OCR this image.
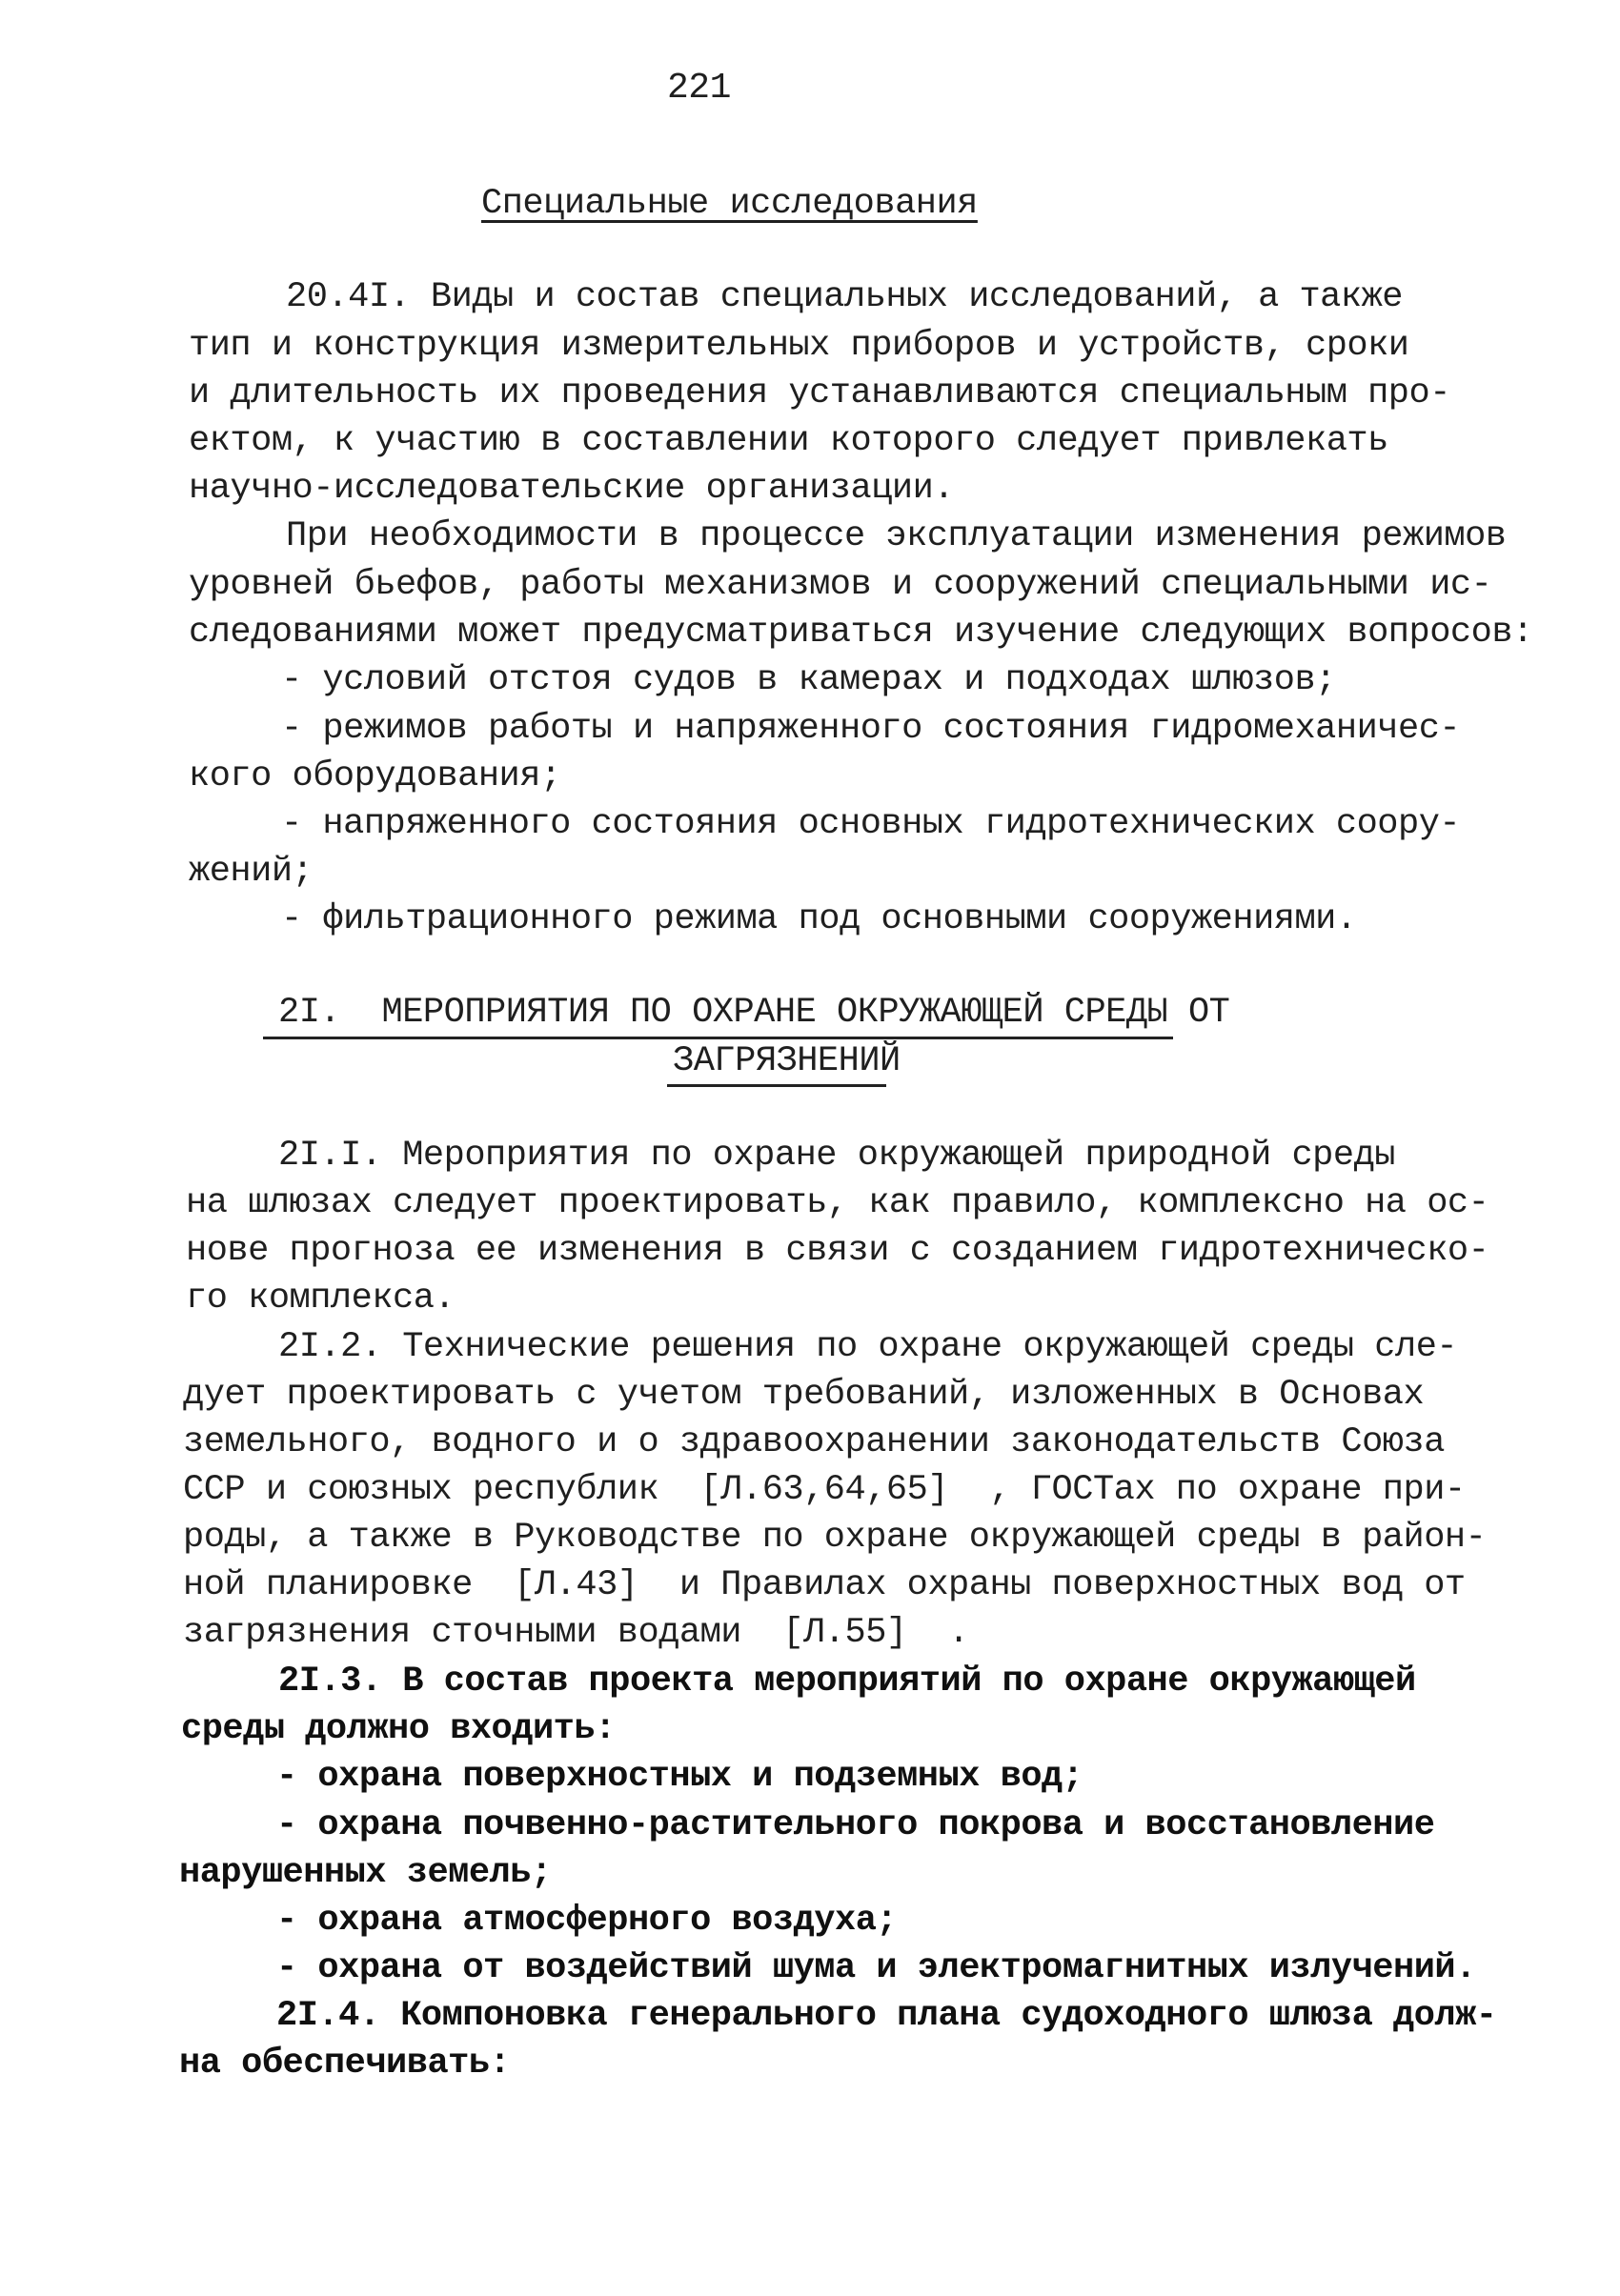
221
Специальные исследования
20.4I. Виды и состав специальных исследований, а также
тип и конструкция измерительных приборов и устройств, сроки
и длительность их проведения устанавливаются специальным про-
ектом, к участию в составлении которого следует привлекать
научно-исследовательские организации.
При необходимости в процессе эксплуатации изменения режимов
уровней бьефов, работы механизмов и сооружений специальными ис-
следованиями может предусматриваться изучение следующих вопросов:
- условий отстоя судов в камерах и подходах шлюзов;
- режимов работы и напряженного состояния гидромеханичес-
кого оборудования;
- напряженного состояния основных гидротехнических соору-
жений;
- фильтрационного режима под основными сооружениями.
2I.  МЕРОПРИЯТИЯ ПО ОХРАНЕ ОКРУЖАЮЩЕЙ СРЕДЫ ОТ
ЗАГРЯЗНЕНИЙ
2I.I. Мероприятия по охране окружающей природной среды
на шлюзах следует проектировать, как правило, комплексно на ос-
нове прогноза ее изменения в связи с созданием гидротехническо-
го комплекса.
2I.2. Технические решения по охране окружающей среды сле-
дует проектировать с учетом требований, изложенных в Основах
земельного, водного и о здравоохранении законодательств Союза
ССР и союзных республик  [Л.63,64,65]  , ГОСТах по охране при-
роды, а также в Руководстве по охране окружающей среды в район-
ной планировке  [Л.43]  и Правилах охраны поверхностных вод от
загрязнения сточными водами  [Л.55]  .
2I.3. В состав проекта мероприятий по охране окружающей
среды должно входить:
- охрана поверхностных и подземных вод;
- охрана почвенно-растительного покрова и восстановление
нарушенных земель;
- охрана атмосферного воздуха;
- охрана от воздействий шума и электромагнитных излучений.
2I.4. Компоновка генерального плана судоходного шлюза долж-
на обеспечивать:
